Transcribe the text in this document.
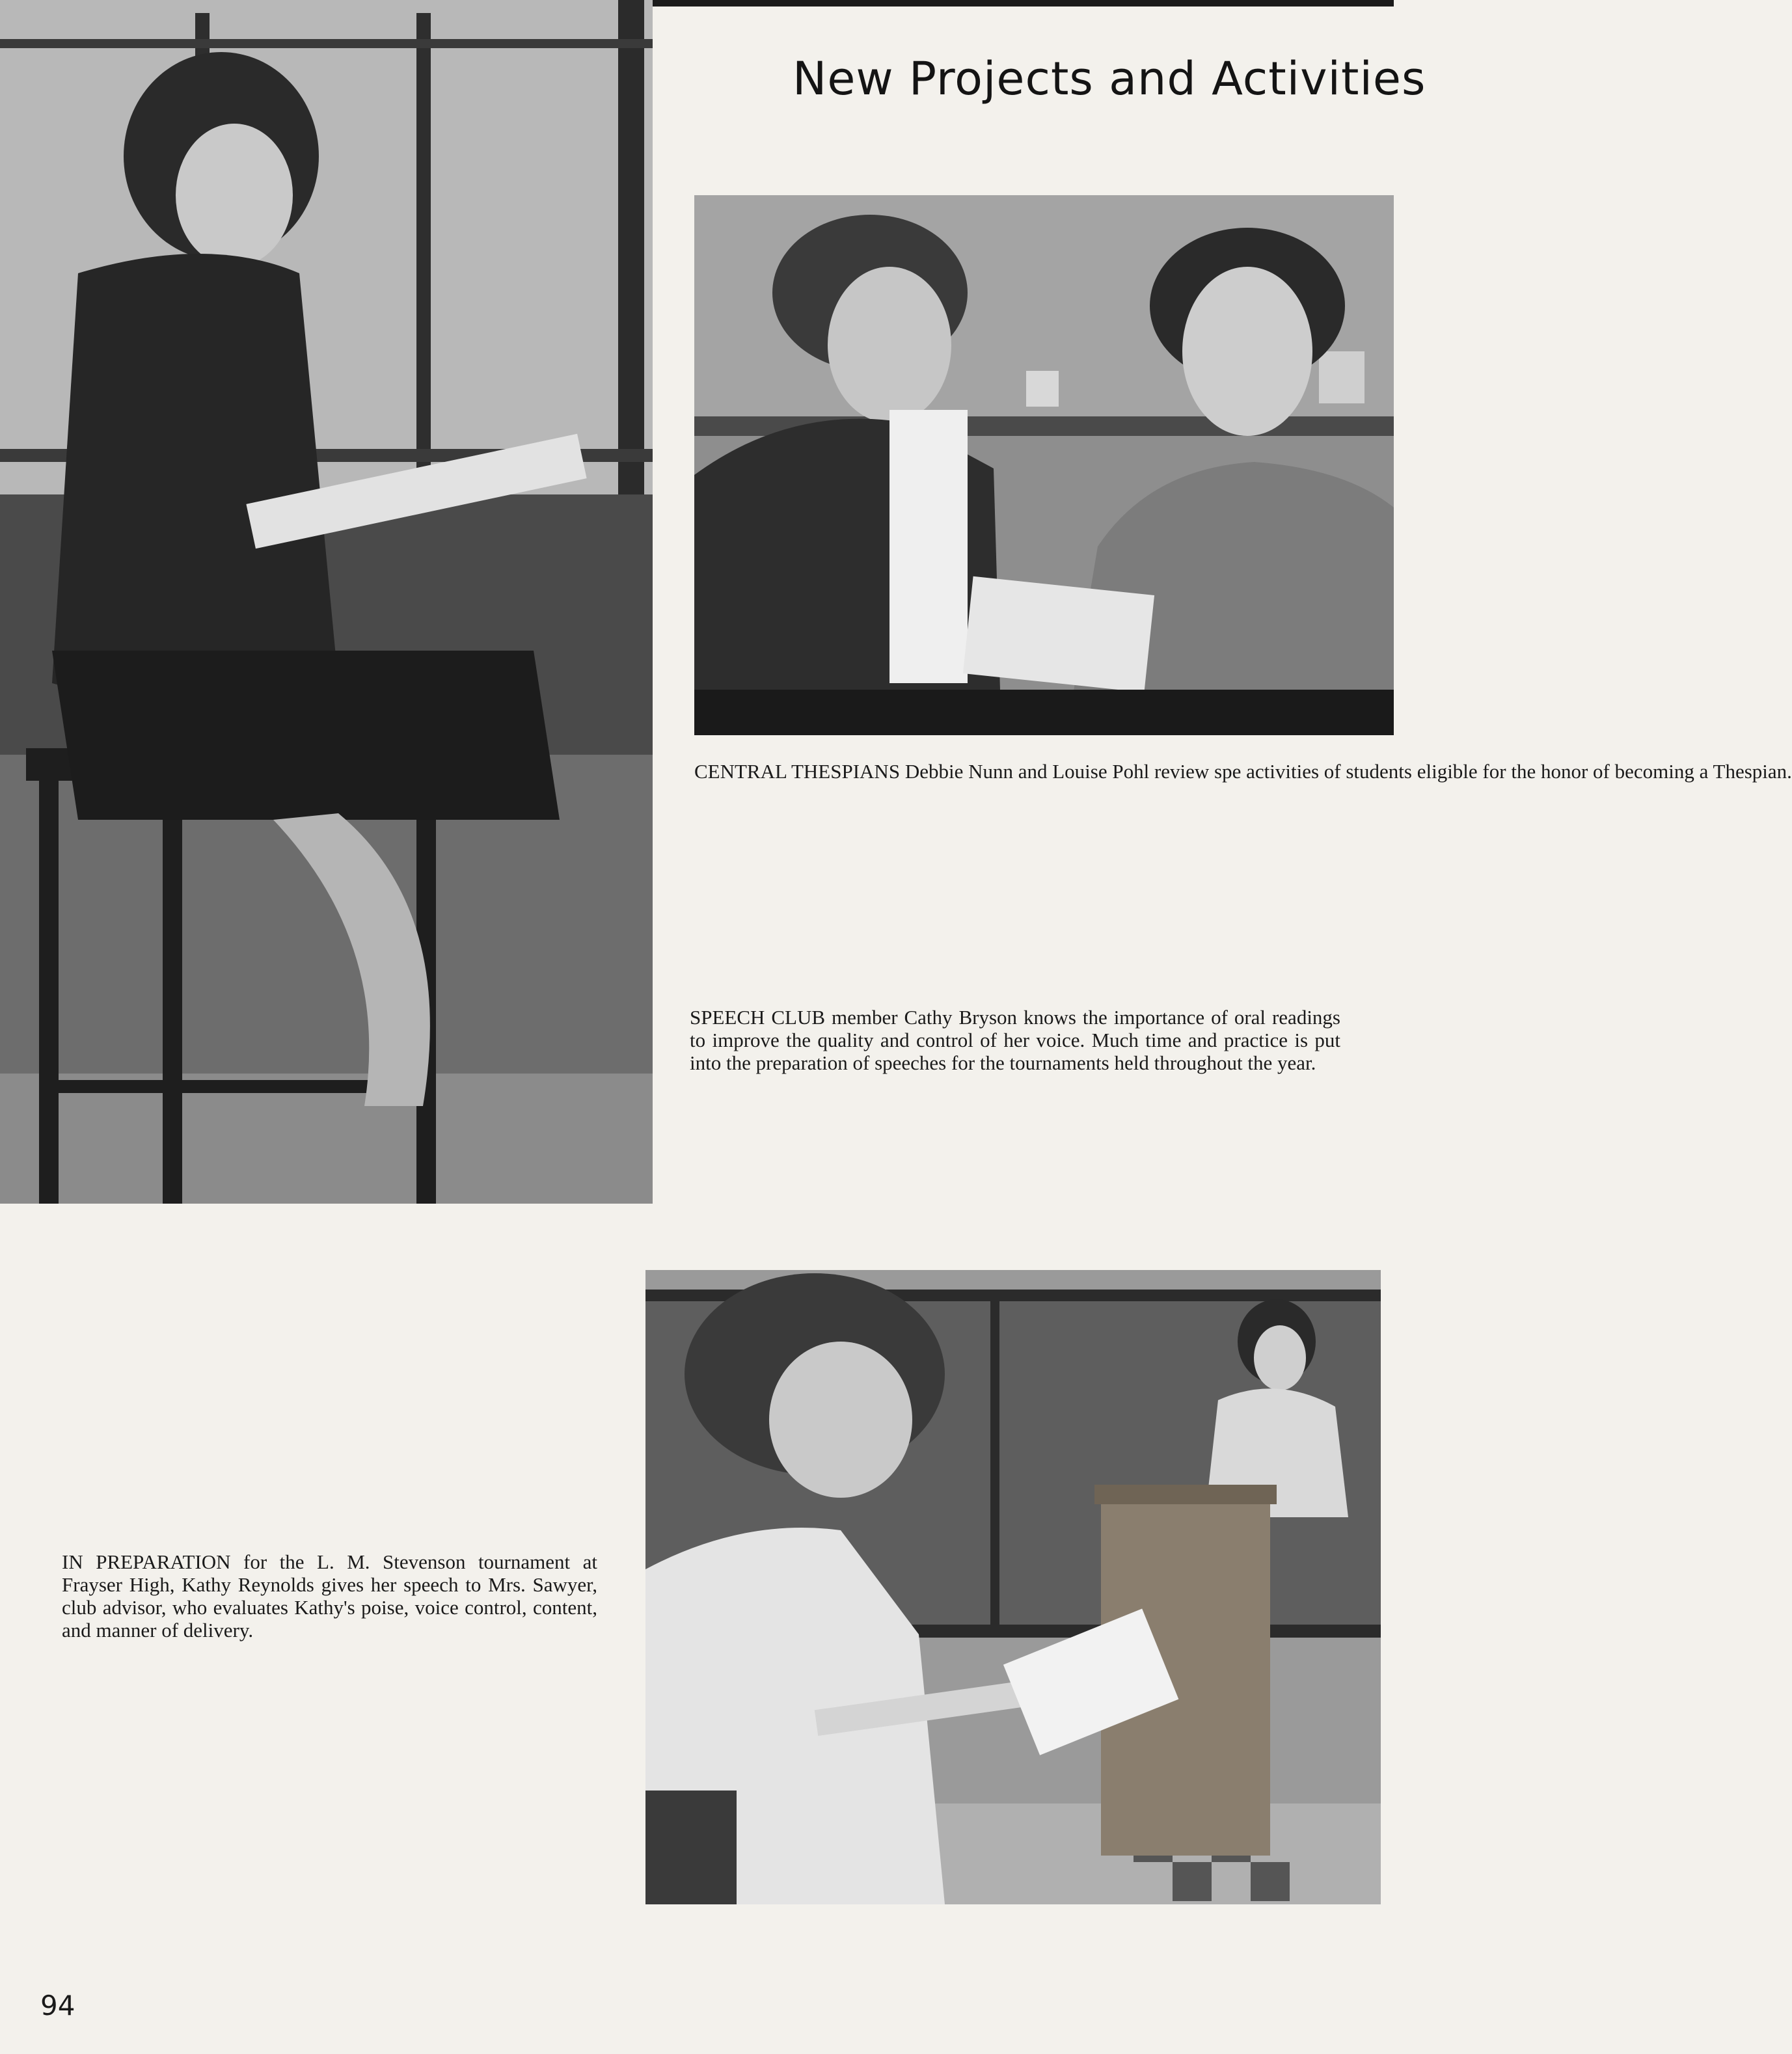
New Projects and Activities

CENTRAL THESPIANS Debbie Nunn and Louise Pohl review spe activities of students eligible for the honor of becoming a Thespian.

SPEECH CLUB member Cathy Bryson knows the importance of oral readings to improve the quality and control of her voice. Much time and practice is put into the preparation of speeches for the tournaments held throughout the year.

IN PREPARATION for the L. M. Stevenson tournament at Frayser High, Kathy Reynolds gives her speech to Mrs. Sawyer, club advisor, who evaluates Kathy's poise, voice control, content, and manner of delivery.

94
